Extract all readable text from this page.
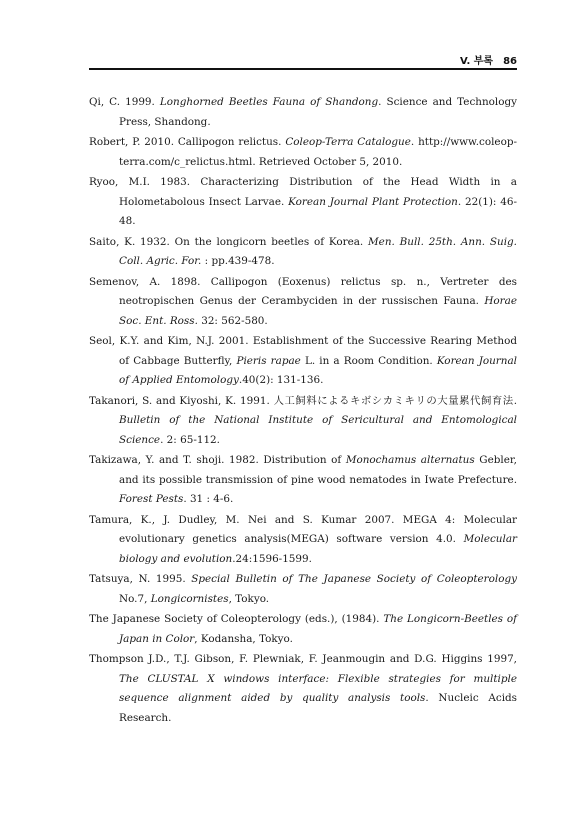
V. 부록 86

Qi, C. 1999. Longhorned Beetles Fauna of Shandong. Science and Technology Press, Shandong.

Robert, P. 2010. Callipogon relictus. Coleop-Terra Catalogue. http://www.coleop-terra.com/c_relictus.html. Retrieved October 5, 2010.

Ryoo, M.I. 1983. Characterizing Distribution of the Head Width in a Holometabolous Insect Larvae. Korean Journal Plant Protection. 22(1): 46-48.

Saito, K. 1932. On the longicorn beetles of Korea. Men. Bull. 25th. Ann. Suig. Coll. Agric. For. : pp.439-478.

Semenov, A. 1898. Callipogon (Eoxenus) relictus sp. n., Vertreter des neotropischen Genus der Cerambyciden in der russischen Fauna. Horae Soc. Ent. Ross. 32: 562-580.

Seol, K.Y. and Kim, N.J. 2001. Establishment of the Successive Rearing Method of Cabbage Butterfly, Pieris rapae L. in a Room Condition. Korean Journal of Applied Entomology.40(2): 131-136.

Takanori, S. and Kiyoshi, K. 1991. 人工飼料によるキボシカミキリの大量累代飼育法. Bulletin of the National Institute of Sericultural and Entomological Science. 2: 65-112.

Takizawa, Y. and T. shoji. 1982. Distribution of Monochamus alternatus Gebler, and its possible transmission of pine wood nematodes in Iwate Prefecture. Forest Pests. 31 : 4-6.

Tamura, K., J. Dudley, M. Nei and S. Kumar 2007. MEGA 4: Molecular evolutionary genetics analysis(MEGA) software version 4.0. Molecular biology and evolution.24:1596-1599.

Tatsuya, N. 1995. Special Bulletin of The Japanese Society of Coleopterology No.7, Longicornistes, Tokyo.

The Japanese Society of Coleopterology (eds.), (1984). The Longicorn-Beetles of Japan in Color, Kodansha, Tokyo.

Thompson J.D., T.J. Gibson, F. Plewniak, F. Jeanmougin and D.G. Higgins 1997, The CLUSTAL X windows interface: Flexible strategies for multiple sequence alignment aided by quality analysis tools. Nucleic Acids Research.
